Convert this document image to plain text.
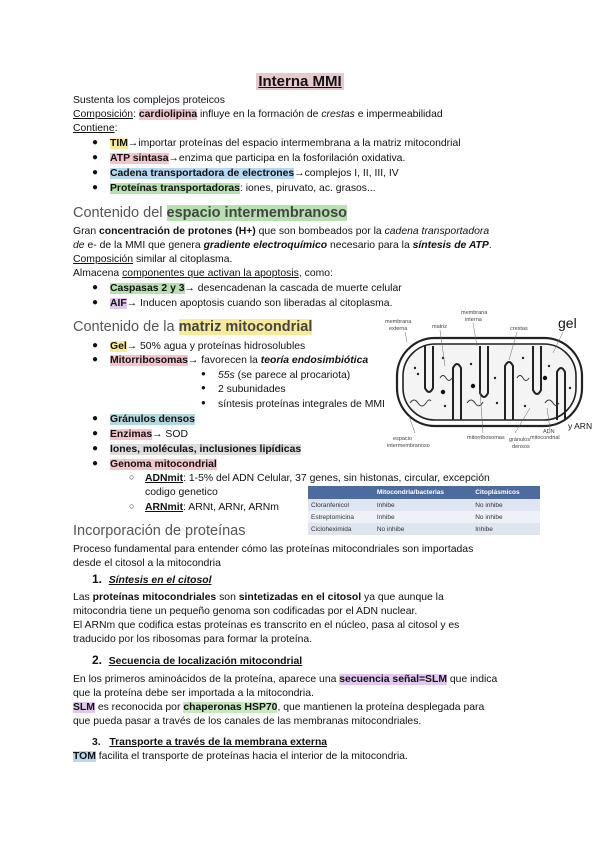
Interna MMI
Sustenta los complejos proteicos
Composición: cardiolipina influye en la formación de crestas e impermeabilidad
Contiene:
● TIM→importar proteínas del espacio intermembrana a la matriz mitocondrial
● ATP sintasa→enzima que participa en la fosforilación oxidativa.
● Cadena transportadora de electrones→complejos I, II, III, IV
● Proteínas transportadoras: iones, piruvato, ac. grasos...
Contenido del espacio intermembranoso
Gran concentración de protones (H+) que son bombeados por la cadena transportadora
de e- de la MMI que genera gradiente electroquímico necesario para la síntesis de ATP.
Composición similar al citoplasma.
Almacena componentes que activan la apoptosis, como:
● Caspasas 2 y 3→ desencadenan la cascada de muerte celular
● AIF→ Inducen apoptosis cuando son liberadas al citoplasma.
Contenido de la matriz mitocondrial
● Gel→ 50% agua y proteínas hidrosolubles
● Mitorribosomas→ favorecen la teoría endosimbiótica
● 55s (se parece al procariota)
● 2 subunidades
● síntesis proteínas integrales de MMI
● Gránulos densos
● Enzimas→ SOD
● Iones, moléculas, inclusiones lipídicas
● Genoma mitocondrial
○ ADNmit: 1-5% del ADN Celular, 37 genes, sin histonas, circular, excepción
codigo genetico
○ ARNmit: ARNt, ARNr, ARNm
membrana
externa	matriz
membrana
interna
crestas gel
espacio
intermembranoso
mitorribosomas gránulos
densos
ADN
mitocondrial
y ARN
	Mitocondria/bacterias	Citoplásmicos
Cloranfenicol	Inhibe	No inhibe
Estreptomicina	Inhibe	No inhibe
Cicloheximida	No inhibe	Inhibe
Incorporación de proteínas
Proceso fundamental para entender cómo las proteínas mitocondriales son importadas
desde el citosol a la mitocondria
1. Síntesis en el citosol
Las proteínas mitocondriales son sintetizadas en el citosol ya que aunque la
mitocondria tiene un pequeño genoma son codificadas por el ADN nuclear.
El ARNm que codifica estas proteínas es transcrito en el núcleo, pasa al citosol y es
traducido por los ribosomas para formar la proteína.
2. Secuencia de localización mitocondrial
En los primeros aminoácidos de la proteína, aparece una secuencia señal=SLM que indica
que la proteína debe ser importada a la mitocondria.
SLM es reconocida por chaperonas HSP70, que mantienen la proteína desplegada para
que pueda pasar a través de los canales de las membranas mitocondriales.
3. Transporte a través de la membrana externa
TOM facilita el transporte de proteínas hacia el interior de la mitocondria.
